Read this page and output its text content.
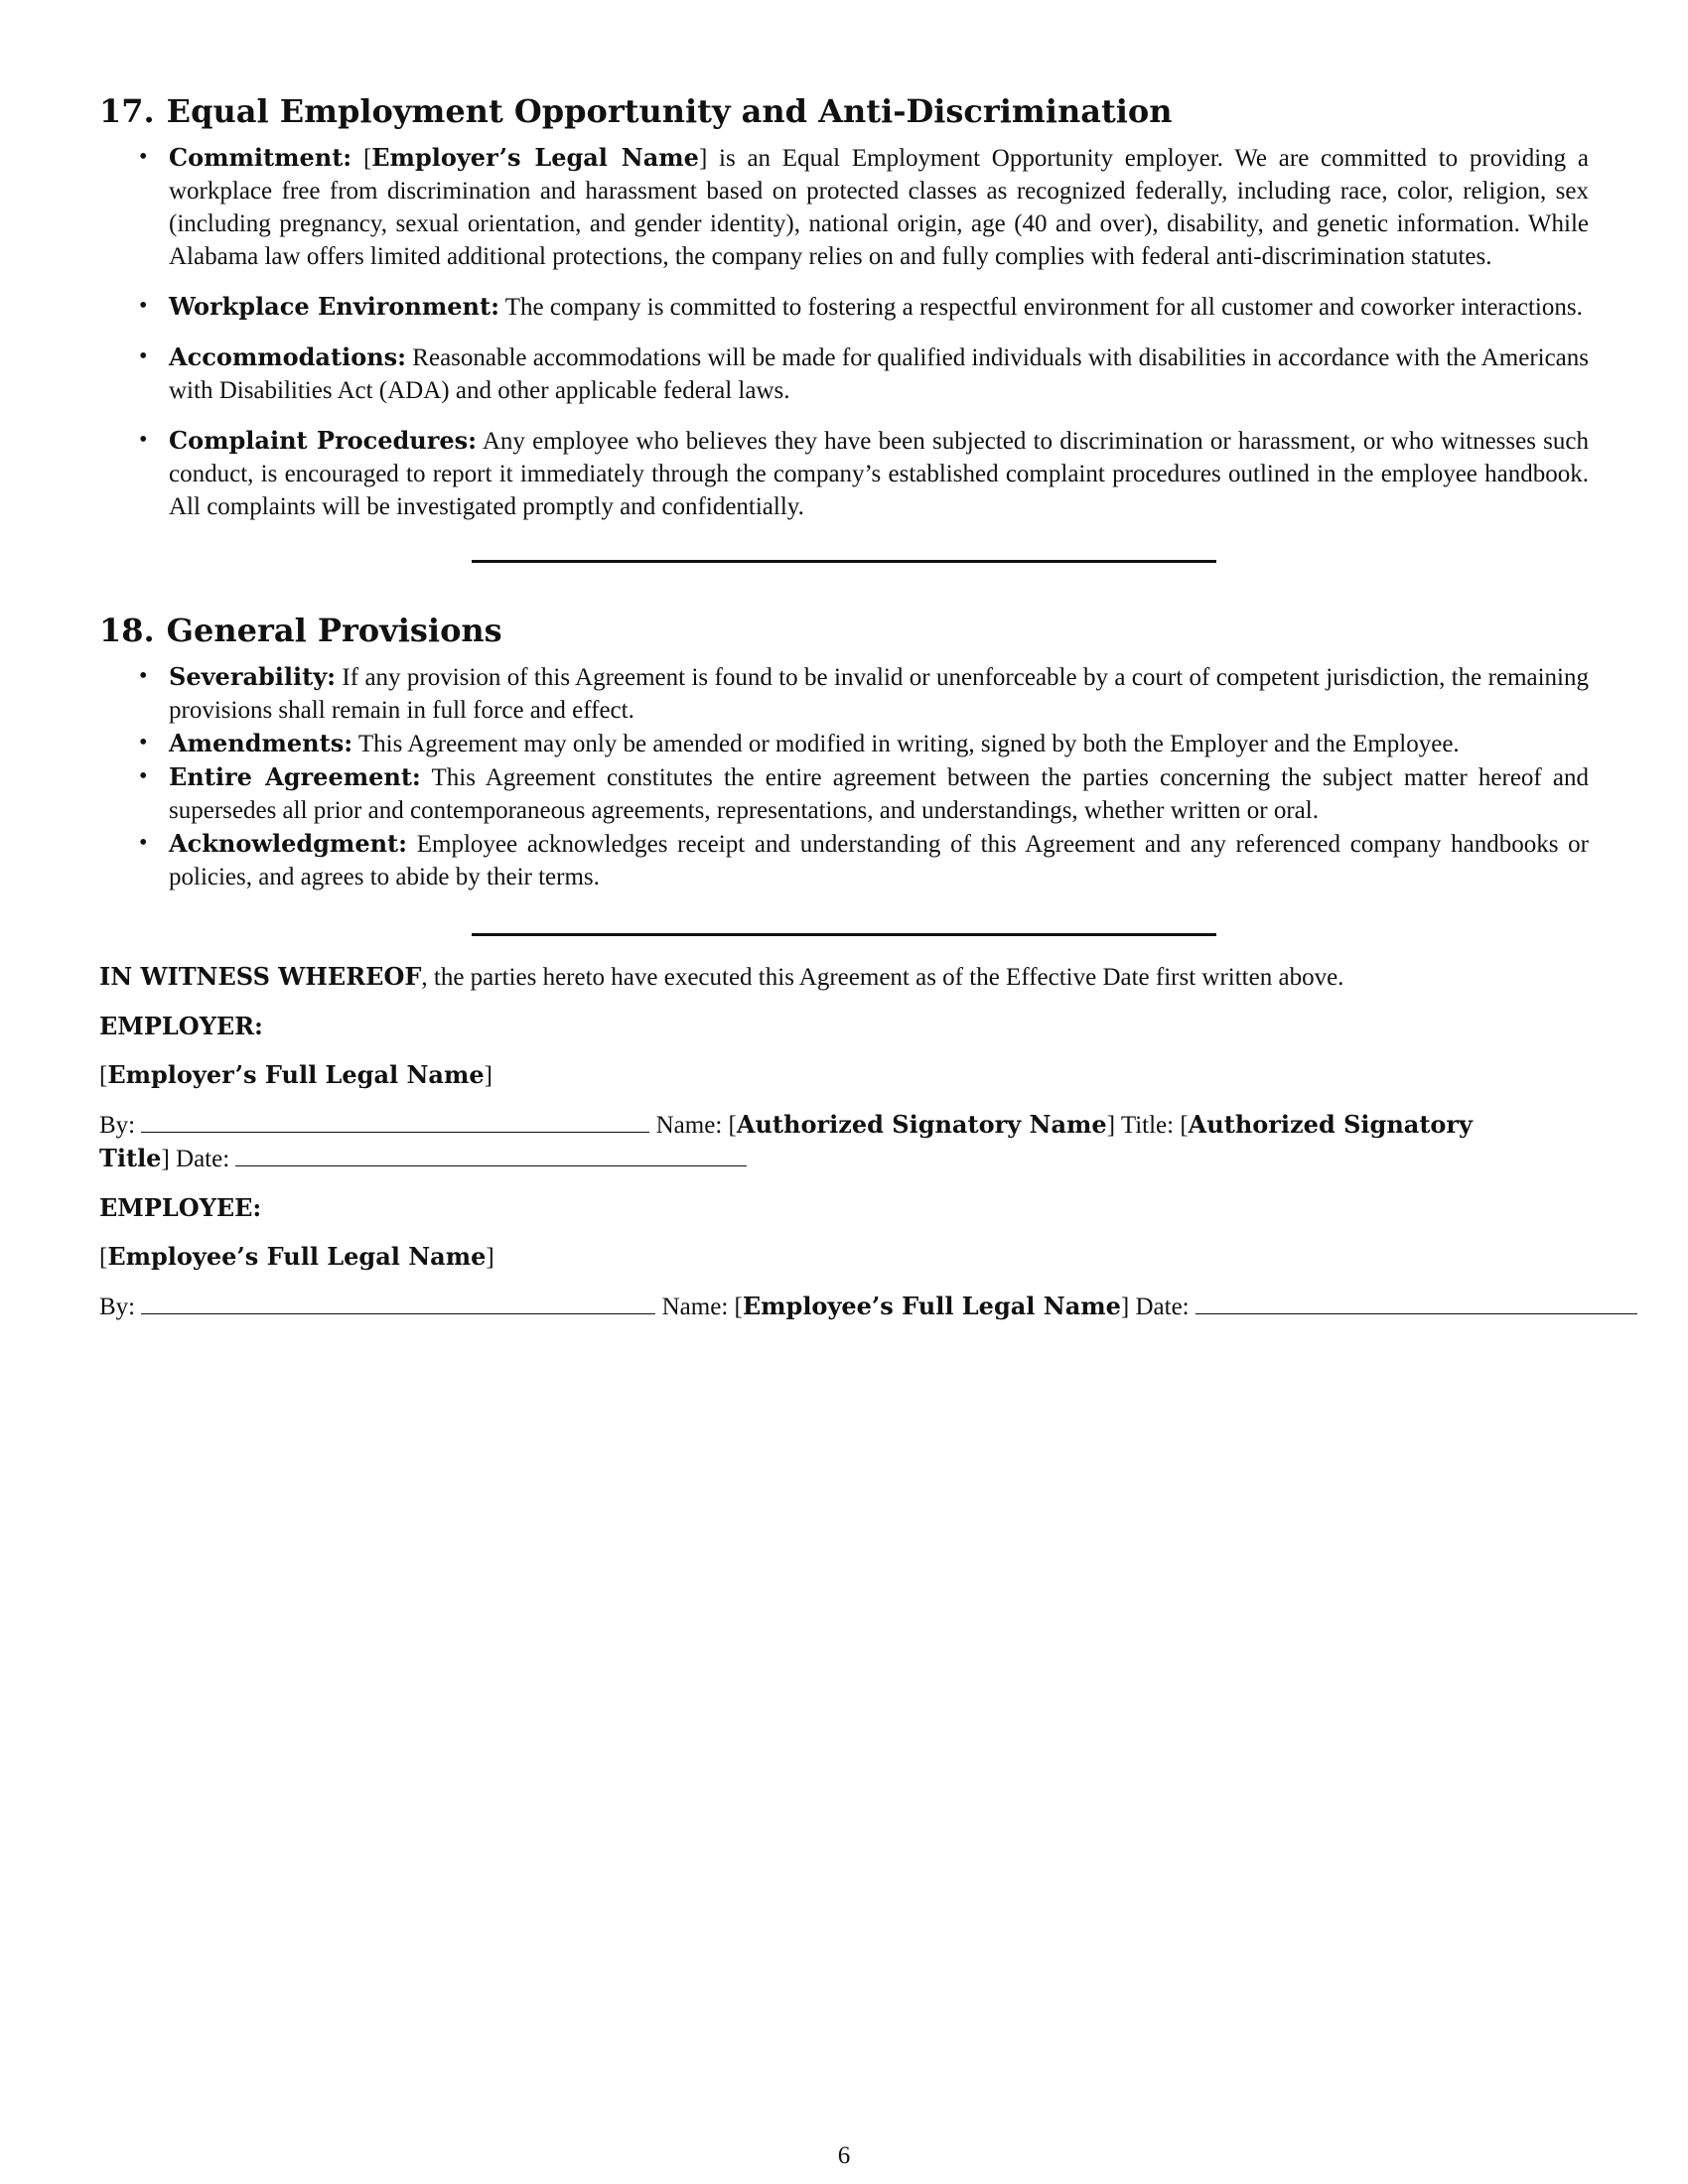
17. Equal Employment Opportunity and Anti-Discrimination
• Commitment: [Employer’s Legal Name] is an Equal Employment Opportunity employer. We are committed to providing a workplace free from discrimination and harassment based on protected classes as recognized federally, including race, color, religion, sex (including pregnancy, sexual orientation, and gender identity), national origin, age (40 and over), disability, and genetic information. While Alabama law offers limited additional protections, the company relies on and fully complies with federal anti-discrimination statutes.
• Workplace Environment: The company is committed to fostering a respectful environment for all customer and coworker interactions.
• Accommodations: Reasonable accommodations will be made for qualified individuals with disabilities in accordance with the Americans with Disabilities Act (ADA) and other applicable federal laws.
• Complaint Procedures: Any employee who believes they have been subjected to discrimination or harassment, or who witnesses such conduct, is encouraged to report it immediately through the company’s established complaint procedures outlined in the employee handbook. All complaints will be investigated promptly and confidentially.
18. General Provisions
• Severability: If any provision of this Agreement is found to be invalid or unenforceable by a court of competent jurisdiction, the remaining provisions shall remain in full force and effect.
• Amendments: This Agreement may only be amended or modified in writing, signed by both the Employer and the Employee.
• Entire Agreement: This Agreement constitutes the entire agreement between the parties concerning the subject matter hereof and supersedes all prior and contemporaneous agreements, representations, and understandings, whether written or oral.
• Acknowledgment: Employee acknowledges receipt and understanding of this Agreement and any referenced company handbooks or policies, and agrees to abide by their terms.

IN WITNESS WHEREOF, the parties hereto have executed this Agreement as of the Effective Date first written above.

EMPLOYER:

[Employer’s Full Legal Name]

By:	Name: [Authorized Signatory Name] Title: [Authorized Signatory
Title] Date:

EMPLOYEE:

[Employee’s Full Legal Name]

By:	Name: [Employee’s Full Legal Name] Date:

6
